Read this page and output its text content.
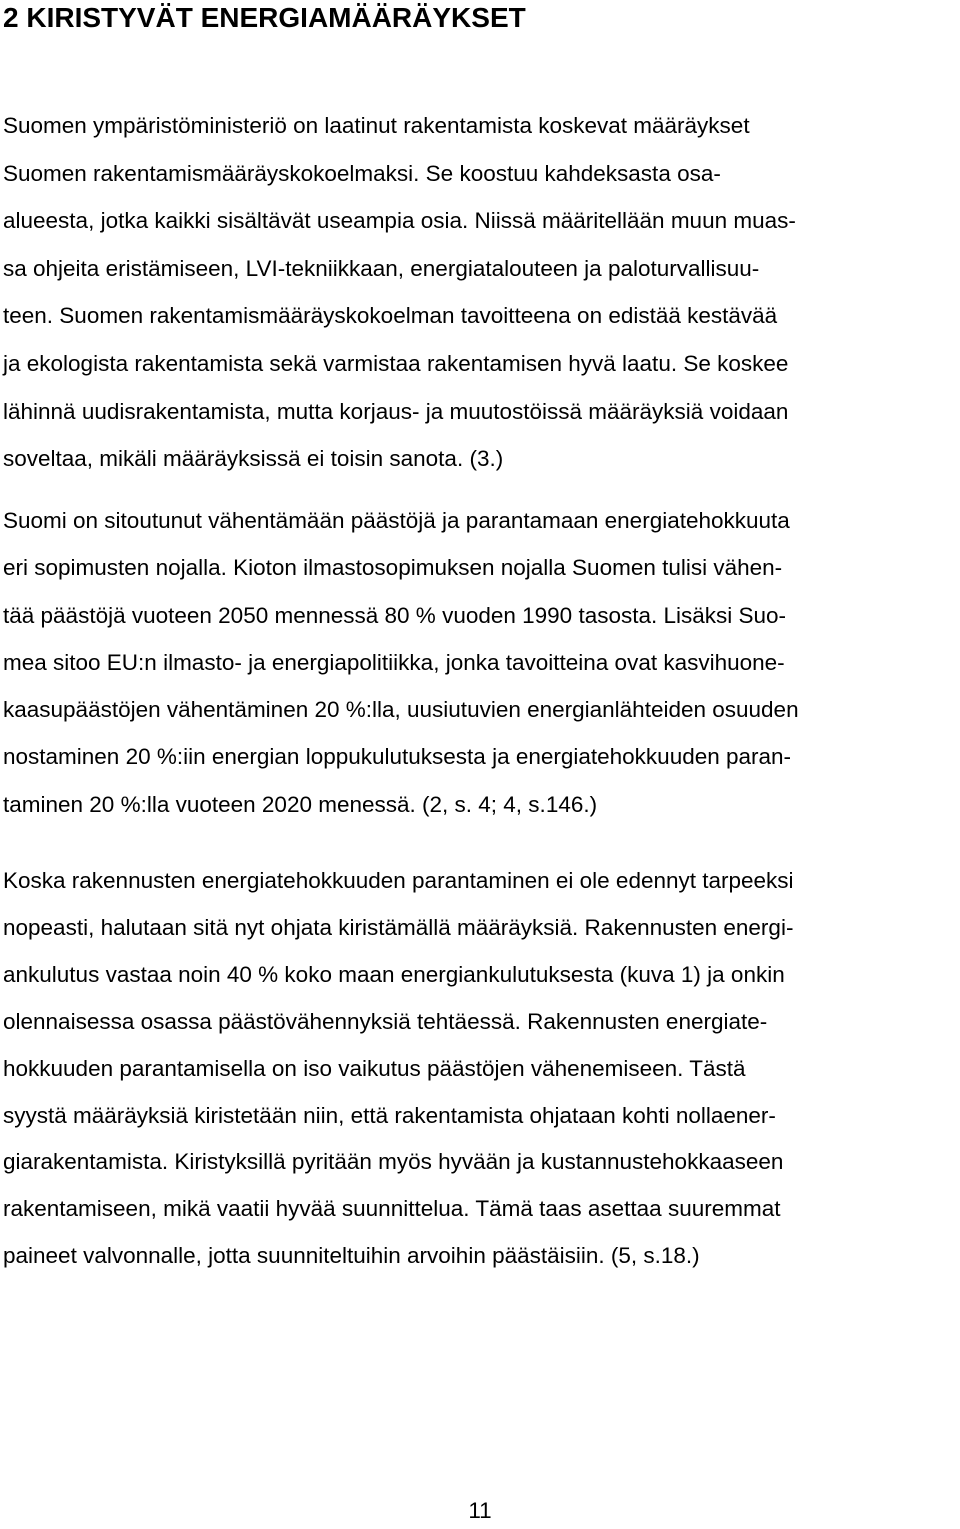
2 KIRISTYVÄT ENERGIAMÄÄRÄYKSET

Suomen ympäristöministeriö on laatinut rakentamista koskevat määräykset
Suomen rakentamismääräyskokoelmaksi. Se koostuu kahdeksasta osa-
alueesta, jotka kaikki sisältävät useampia osia. Niissä määritellään muun muas-
sa ohjeita eristämiseen, LVI-tekniikkaan, energiatalouteen ja paloturvallisuu-
teen. Suomen rakentamismääräyskokoelman tavoitteena on edistää kestävää
ja ekologista rakentamista sekä varmistaa rakentamisen hyvä laatu. Se koskee
lähinnä uudisrakentamista, mutta korjaus- ja muutostöissä määräyksiä voidaan
soveltaa, mikäli määräyksissä ei toisin sanota. (3.)

Suomi on sitoutunut vähentämään päästöjä ja parantamaan energiatehokkuuta
eri sopimusten nojalla. Kioton ilmastosopimuksen nojalla Suomen tulisi vähen-
tää päästöjä vuoteen 2050 mennessä 80 % vuoden 1990 tasosta. Lisäksi Suo-
mea sitoo EU:n ilmasto- ja energiapolitiikka, jonka tavoitteina ovat kasvihuone-
kaasupäästöjen vähentäminen 20 %:lla, uusiutuvien energianlähteiden osuuden
nostaminen 20 %:iin energian loppukulutuksesta ja energiatehokkuuden paran-
taminen 20 %:lla vuoteen 2020 menessä. (2, s. 4; 4, s.146.)

Koska rakennusten energiatehokkuuden parantaminen ei ole edennyt tarpeeksi
nopeasti, halutaan sitä nyt ohjata kiristämällä määräyksiä. Rakennusten energi-
ankulutus vastaa noin 40 % koko maan energiankulutuksesta (kuva 1) ja onkin
olennaisessa osassa päästövähennyksiä tehtäessä. Rakennusten energiate-
hokkuuden parantamisella on iso vaikutus päästöjen vähenemiseen. Tästä
syystä määräyksiä kiristetään niin, että rakentamista ohjataan kohti nollaener-
giarakentamista. Kiristyksillä pyritään myös hyvään ja kustannustehokkaaseen
rakentamiseen, mikä vaatii hyvää suunnittelua. Tämä taas asettaa suuremmat
paineet valvonnalle, jotta suunniteltuihin arvoihin päästäisiin. (5, s.18.)

11
